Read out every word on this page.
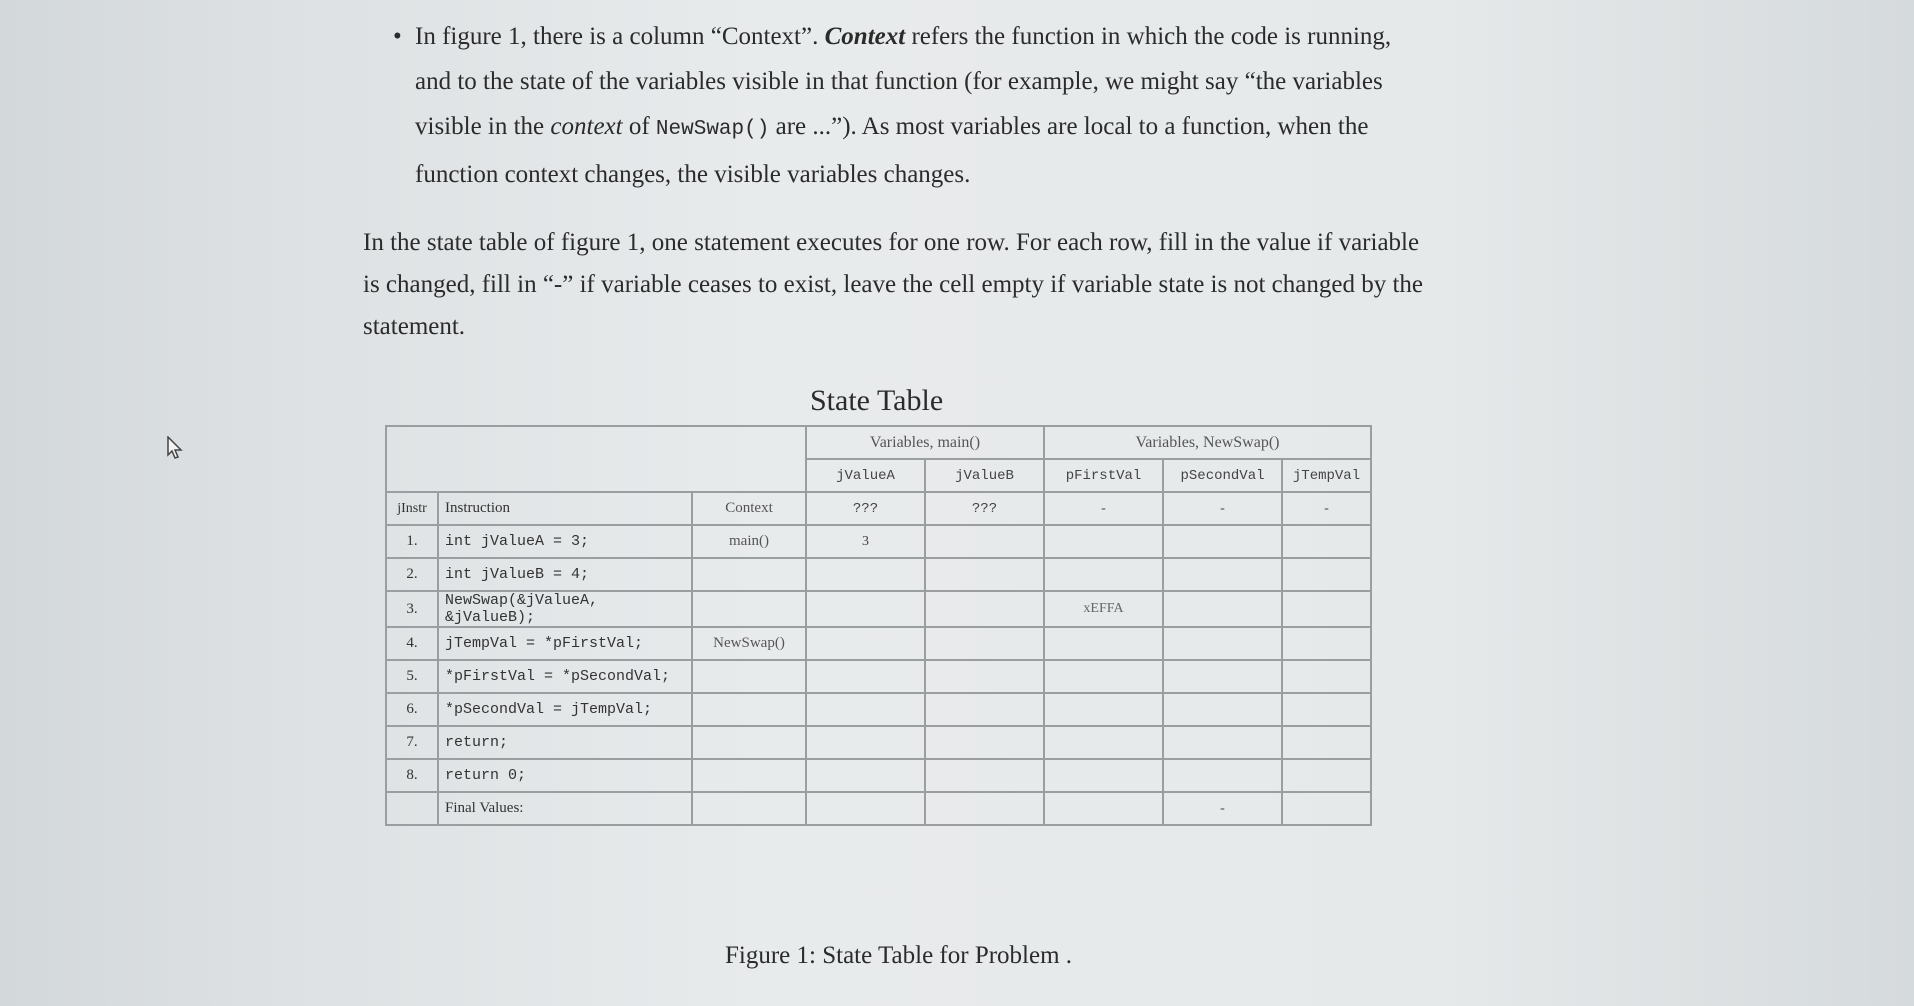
• In figure 1, there is a column “Context”. Context refers the function in which the code is running,
and to the state of the variables visible in that function (for example, we might say “the variables
visible in the context of NewSwap() are ...”). As most variables are local to a function, when the
function context changes, the visible variables changes.
In the state table of figure 1, one statement executes for one row. For each row, fill in the value if variable
is changed, fill in “-” if variable ceases to exist, leave the cell empty if variable state is not changed by the
statement.
State Table
			Variables, main()		Variables, NewSwap()		
			jValueA	jValueB	pFirstVal	pSecondVal	jTempVal
jInstr	Instruction	Context	???	???	-	-	-
1.	int jValueA = 3;	main()	3				
2.	int jValueB = 4;						
3.	NewSwap(&jValueA, &jValueB);				xEFFA		
4.	jTempVal = *pFirstVal;	NewSwap()					
5.	*pFirstVal = *pSecondVal;						
6.	*pSecondVal = jTempVal;						
7.	return;						
8.	return 0;						
	Final Values:					-	
Figure 1: State Table for Problem .
